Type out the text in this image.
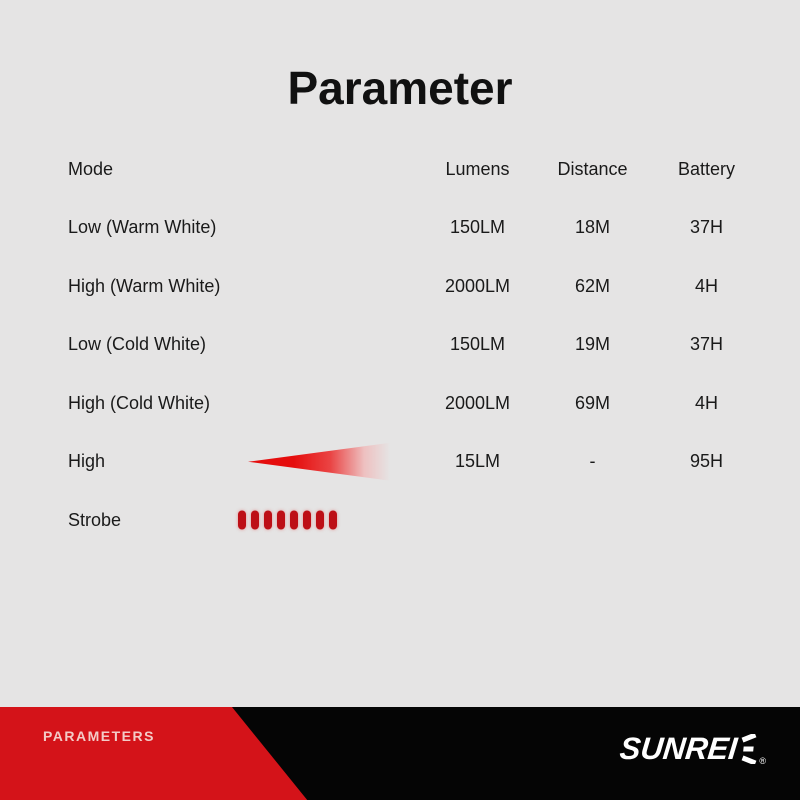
Parameter
Mode	Lumens	Distance	Battery
Low (Warm White)	150LM	18M	37H
High (Warm White)	2000LM	62M	4H
Low (Cold White)	150LM	19M	37H
High (Cold White)	2000LM	69M	4H
High	15LM	-	95H
Strobe
PARAMETERS	SUNREI ®
